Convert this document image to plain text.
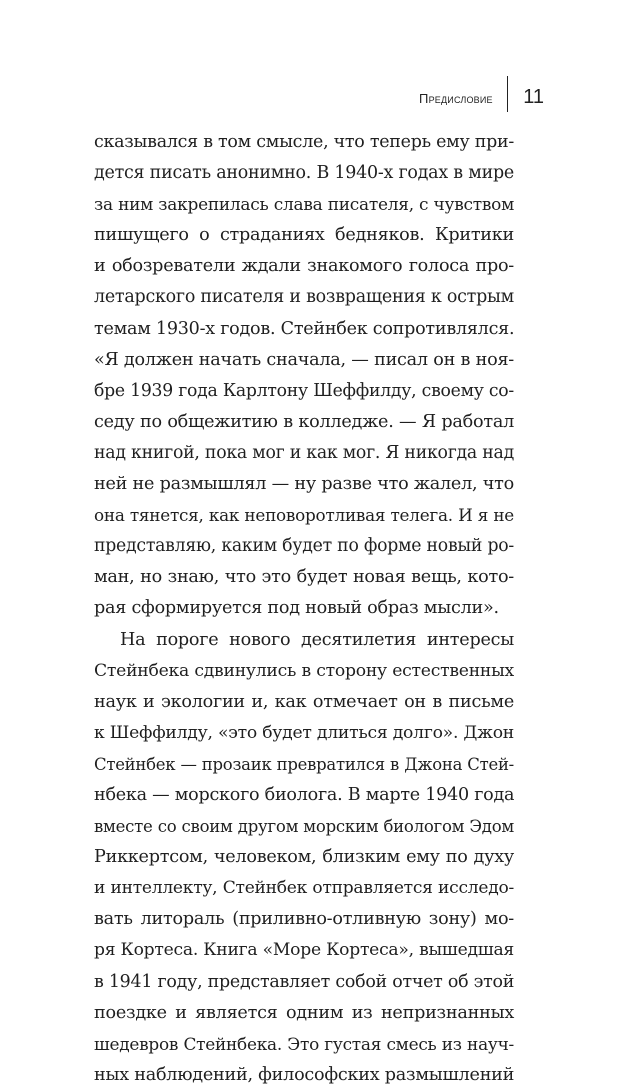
Предисловие 11
сказывался в том смысле, что теперь ему при-
дется писать анонимно. В 1940-х годах в мире
за ним закрепилась слава писателя, с чувством
пишущего о страданиях бедняков. Критики
и обозреватели ждали знакомого голоса про-
летарского писателя и возвращения к острым
темам 1930-х годов. Стейнбек сопротивлялся.
«Я должен начать сначала, — писал он в ноя-
бре 1939 года Карлтону Шеффилду, своему со-
седу по общежитию в колледже. — Я работал
над книгой, пока мог и как мог. Я никогда над
ней не размышлял — ну разве что жалел, что
она тянется, как неповоротливая телега. И я не
представляю, каким будет по форме новый ро-
ман, но знаю, что это будет новая вещь, кото-
рая сформируется под новый образ мысли».
На пороге нового десятилетия интересы
Стейнбека сдвинулись в сторону естественных
наук и экологии и, как отмечает он в письме
к Шеффилду, «это будет длиться долго». Джон
Стейнбек — прозаик превратился в Джона Стей-
нбека — морского биолога. В марте 1940 года
вместе со своим другом морским биологом Эдом
Риккертсом, человеком, близким ему по духу
и интеллекту, Стейнбек отправляется исследо-
вать литораль (приливно-отливную зону) мо-
ря Кортеса. Книга «Море Кортеса», вышедшая
в 1941 году, представляет собой отчет об этой
поездке и является одним из непризнанных
шедевров Стейнбека. Это густая смесь из науч-
ных наблюдений, философских размышлений
